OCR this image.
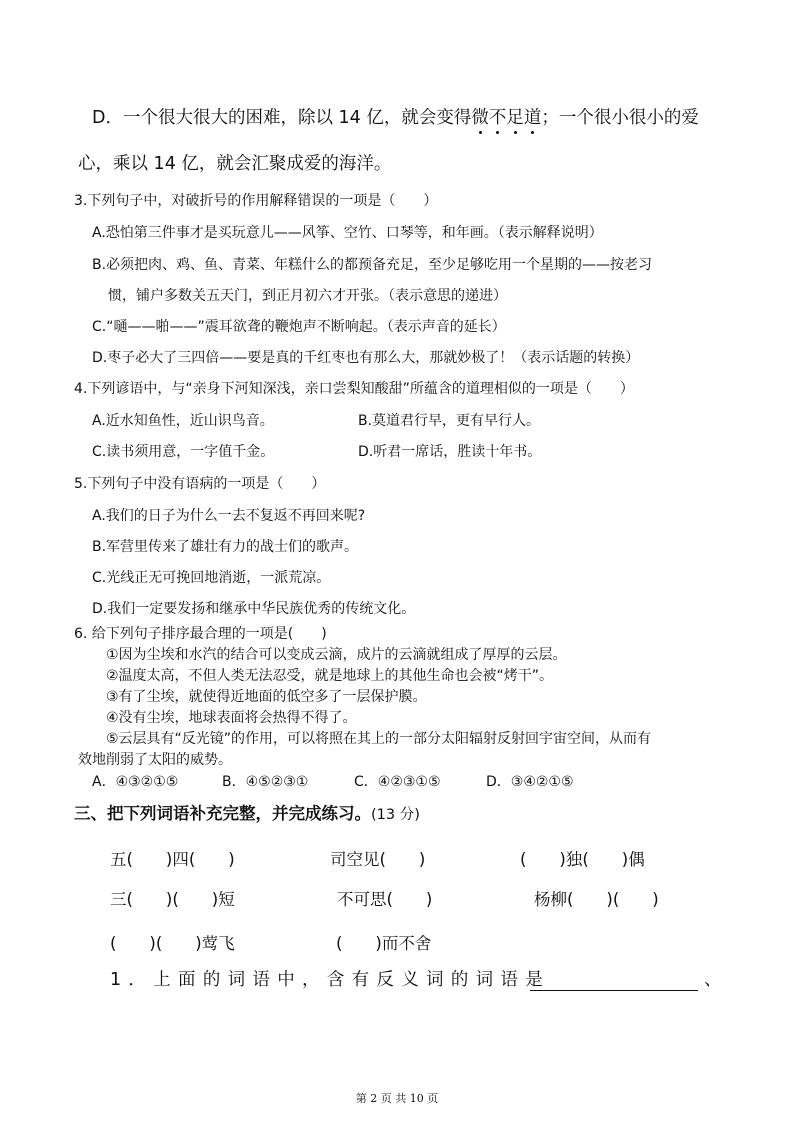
D．一个很大很大的困难，除以 14 亿，就会变得微
不
足
道
；一个很小很小的爱
心，乘以 14 亿，就会汇聚成爱的海洋。
3.下列句子中，对破折号的作用解释错误的一项是（　　）
A.恐怕第三件事才是买玩意儿——风筝、空竹、口琴等，和年画。（表示解释说明）
B.必须把肉、鸡、鱼、青菜、年糕什么的都预备充足，至少足够吃用一个星期的——按老习
惯，铺户多数关五天门，到正月初六才开张。（表示意思的递进）
C.“嗵——啪——”震耳欲聋的鞭炮声不断响起。（表示声音的延长）
D.枣子必大了三四倍——要是真的千红枣也有那么大，那就妙极了！（表示话题的转换）
4.下列谚语中，与“亲身下河知深浅，亲口尝梨知酸甜”所蕴含的道理相似的一项是（　　）
A.近水知鱼性，近山识鸟音。	B.莫道君行早，更有早行人。
C.读书须用意，一字值千金。	D.听君一席话，胜读十年书。
5.下列句子中没有语病的一项是（　　）
A.我们的日子为什么一去不复返不再回来呢?
B.军营里传来了雄壮有力的战士们的歌声。
C.光线正无可挽回地消逝，一派荒凉。
D.我们一定要发扬和继承中华民族优秀的传统文化。
6. 给下列句子排序最合理的一项是(　　)
①因为尘埃和水汽的结合可以变成云滴，成片的云滴就组成了厚厚的云层。
②温度太高，不但人类无法忍受，就是地球上的其他生命也会被“烤干”。
③有了尘埃，就使得近地面的低空多了一层保护膜。
④没有尘埃，地球表面将会热得不得了。
⑤云层具有“反光镜”的作用，可以将照在其上的一部分太阳辐射反射回宇宙空间，从而有
效地削弱了太阳的威势。
A．④③②①⑤	B．④⑤②③①	C．④②③①⑤	D．③④②①⑤
三、把下列词语补充完整，并完成练习。(13 分)
五(　　)四(　　)	司空见(　　)	(　　)独(　　)偶
三(　　)(　　)短	不可思(　　)	杨柳(　　)(　　)
(　　)(　　)莺飞	(　　)而不舍
1．上面的词语中，含有反义词的词语是	、
第 2 页 共 10 页
